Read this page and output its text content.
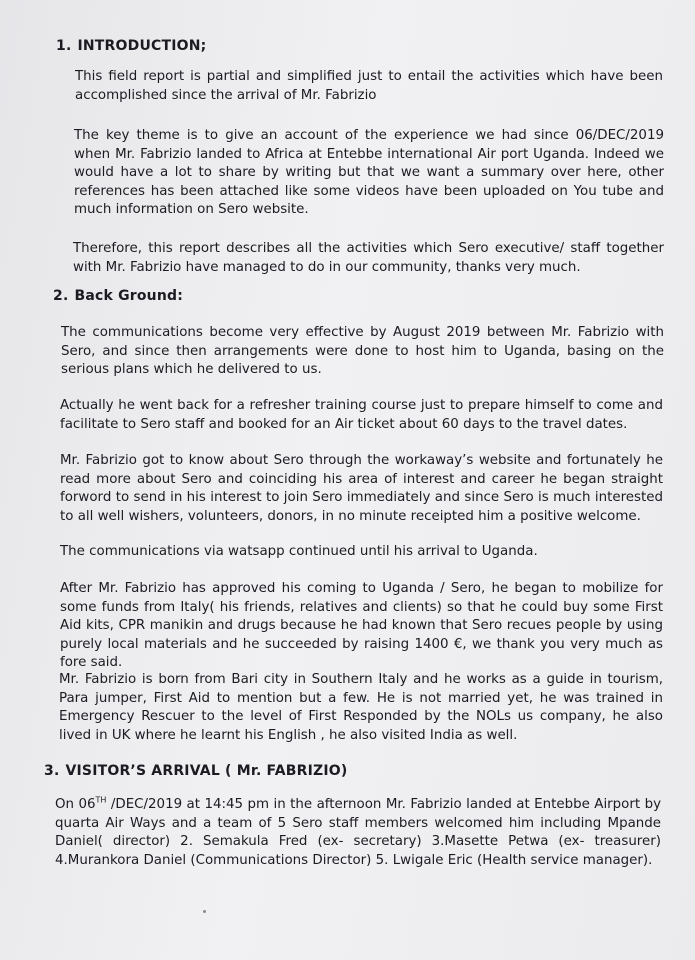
1. INTRODUCTION;

This field report is partial and simplified just to entail the activities which have been accomplished since the arrival of Mr. Fabrizio

The key theme is to give an account of the experience we had since 06/DEC/2019 when Mr. Fabrizio landed to Africa at Entebbe international Air port Uganda. Indeed we would have a lot to share by writing but that we want a summary over here, other references has been attached like some videos have been uploaded on You tube and much information on Sero website.

Therefore, this report describes all the activities which Sero executive/ staff together with Mr. Fabrizio have managed to do in our community, thanks very much.

2. Back Ground:

The communications become very effective by August 2019 between Mr. Fabrizio with Sero, and since then arrangements were done to host him to Uganda, basing on the serious plans which he delivered to us.

Actually he went back for a refresher training course just to prepare himself to come and facilitate to Sero staff and booked for an Air ticket about 60 days to the travel dates.

Mr. Fabrizio got to know about Sero through the workaway’s website and fortunately he read more about Sero and coinciding his area of interest and career he began straight forword to send in his interest to join Sero immediately and since Sero is much interested to all well wishers, volunteers, donors, in no minute receipted him a positive welcome.

The communications via watsapp continued until his arrival to Uganda.

After Mr. Fabrizio has approved his coming to Uganda / Sero, he began to mobilize for some funds from Italy( his friends, relatives and clients) so that he could buy some First Aid kits, CPR manikin and drugs because he had known that Sero recues people by using purely local materials and he succeeded by raising 1400 €, we thank you very much as fore said.

Mr. Fabrizio is born from Bari city in Southern Italy and he works as a guide in tourism, Para jumper, First Aid to mention but a few. He is not married yet, he was trained in Emergency Rescuer to the level of First Responded by the NOLs us company, he also lived in UK where he learnt his English , he also visited India as well.

3. VISITOR’S ARRIVAL ( Mr. FABRIZIO)

On 06TH /DEC/2019 at 14:45 pm in the afternoon Mr. Fabrizio landed at Entebbe Airport by quarta Air Ways and a team of 5 Sero staff members welcomed him including Mpande Daniel( director) 2. Semakula Fred (ex- secretary) 3.Masette Petwa (ex- treasurer) 4.Murankora Daniel (Communications Director) 5. Lwigale Eric (Health service manager).
